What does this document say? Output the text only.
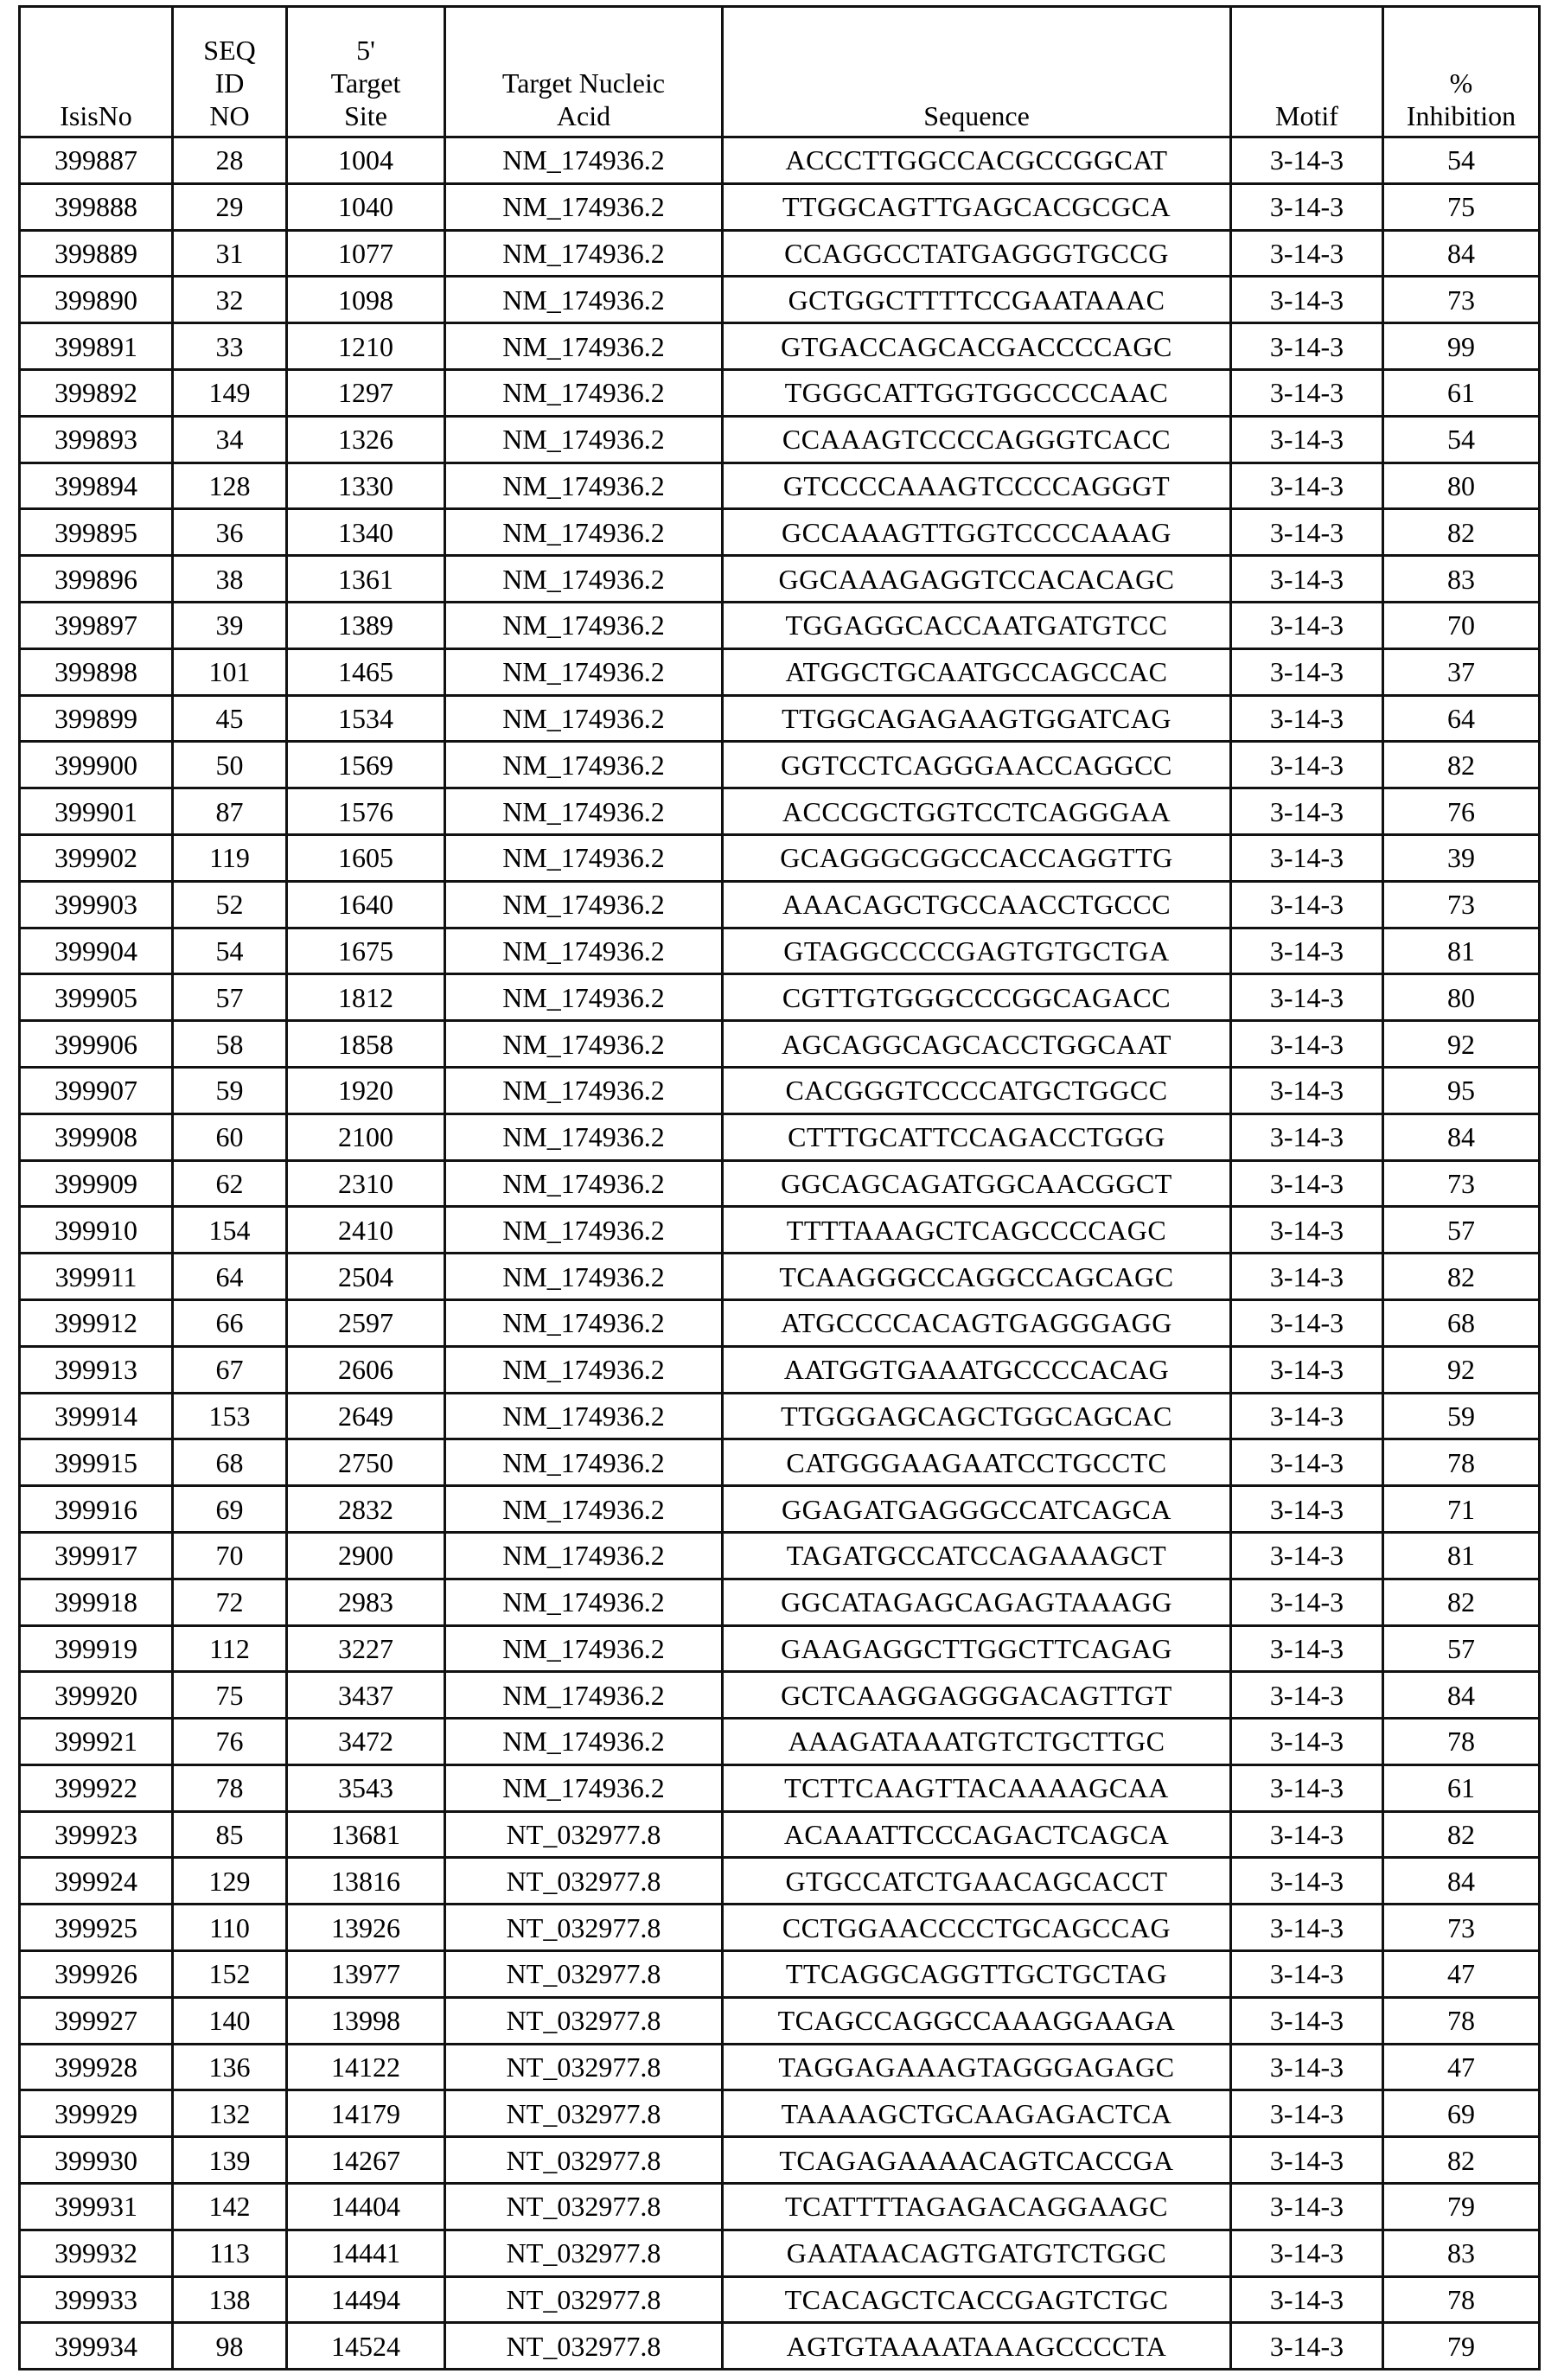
IsisNo	SEQ
ID
NO	5'
Target
Site	Target Nucleic
Acid	Sequence	Motif	%
Inhibition
399887	28	1004	NM_174936.2	ACCCTTGGCCACGCCGGCAT	3-14-3	54
399888	29	1040	NM_174936.2	TTGGCAGTTGAGCACGCGCA	3-14-3	75
399889	31	1077	NM_174936.2	CCAGGCCTATGAGGGTGCCG	3-14-3	84
399890	32	1098	NM_174936.2	GCTGGCTTTTCCGAATAAAC	3-14-3	73
399891	33	1210	NM_174936.2	GTGACCAGCACGACCCCAGC	3-14-3	99
399892	149	1297	NM_174936.2	TGGGCATTGGTGGCCCCAAC	3-14-3	61
399893	34	1326	NM_174936.2	CCAAAGTCCCCAGGGTCACC	3-14-3	54
399894	128	1330	NM_174936.2	GTCCCCAAAGTCCCCAGGGT	3-14-3	80
399895	36	1340	NM_174936.2	GCCAAAGTTGGTCCCCAAAG	3-14-3	82
399896	38	1361	NM_174936.2	GGCAAAGAGGTCCACACAGC	3-14-3	83
399897	39	1389	NM_174936.2	TGGAGGCACCAATGATGTCC	3-14-3	70
399898	101	1465	NM_174936.2	ATGGCTGCAATGCCAGCCAC	3-14-3	37
399899	45	1534	NM_174936.2	TTGGCAGAGAAGTGGATCAG	3-14-3	64
399900	50	1569	NM_174936.2	GGTCCTCAGGGAACCAGGCC	3-14-3	82
399901	87	1576	NM_174936.2	ACCCGCTGGTCCTCAGGGAA	3-14-3	76
399902	119	1605	NM_174936.2	GCAGGGCGGCCACCAGGTTG	3-14-3	39
399903	52	1640	NM_174936.2	AAACAGCTGCCAACCTGCCC	3-14-3	73
399904	54	1675	NM_174936.2	GTAGGCCCCGAGTGTGCTGA	3-14-3	81
399905	57	1812	NM_174936.2	CGTTGTGGGCCCGGCAGACC	3-14-3	80
399906	58	1858	NM_174936.2	AGCAGGCAGCACCTGGCAAT	3-14-3	92
399907	59	1920	NM_174936.2	CACGGGTCCCCATGCTGGCC	3-14-3	95
399908	60	2100	NM_174936.2	CTTTGCATTCCAGACCTGGG	3-14-3	84
399909	62	2310	NM_174936.2	GGCAGCAGATGGCAACGGCT	3-14-3	73
399910	154	2410	NM_174936.2	TTTTAAAGCTCAGCCCCAGC	3-14-3	57
399911	64	2504	NM_174936.2	TCAAGGGCCAGGCCAGCAGC	3-14-3	82
399912	66	2597	NM_174936.2	ATGCCCCACAGTGAGGGAGG	3-14-3	68
399913	67	2606	NM_174936.2	AATGGTGAAATGCCCCACAG	3-14-3	92
399914	153	2649	NM_174936.2	TTGGGAGCAGCTGGCAGCAC	3-14-3	59
399915	68	2750	NM_174936.2	CATGGGAAGAATCCTGCCTC	3-14-3	78
399916	69	2832	NM_174936.2	GGAGATGAGGGCCATCAGCA	3-14-3	71
399917	70	2900	NM_174936.2	TAGATGCCATCCAGAAAGCT	3-14-3	81
399918	72	2983	NM_174936.2	GGCATAGAGCAGAGTAAAGG	3-14-3	82
399919	112	3227	NM_174936.2	GAAGAGGCTTGGCTTCAGAG	3-14-3	57
399920	75	3437	NM_174936.2	GCTCAAGGAGGGACAGTTGT	3-14-3	84
399921	76	3472	NM_174936.2	AAAGATAAATGTCTGCTTGC	3-14-3	78
399922	78	3543	NM_174936.2	TCTTCAAGTTACAAAAGCAA	3-14-3	61
399923	85	13681	NT_032977.8	ACAAATTCCCAGACTCAGCA	3-14-3	82
399924	129	13816	NT_032977.8	GTGCCATCTGAACAGCACCT	3-14-3	84
399925	110	13926	NT_032977.8	CCTGGAACCCCTGCAGCCAG	3-14-3	73
399926	152	13977	NT_032977.8	TTCAGGCAGGTTGCTGCTAG	3-14-3	47
399927	140	13998	NT_032977.8	TCAGCCAGGCCAAAGGAAGA	3-14-3	78
399928	136	14122	NT_032977.8	TAGGAGAAAGTAGGGAGAGC	3-14-3	47
399929	132	14179	NT_032977.8	TAAAAGCTGCAAGAGACTCA	3-14-3	69
399930	139	14267	NT_032977.8	TCAGAGAAAACAGTCACCGA	3-14-3	82
399931	142	14404	NT_032977.8	TCATTTTAGAGACAGGAAGC	3-14-3	79
399932	113	14441	NT_032977.8	GAATAACAGTGATGTCTGGC	3-14-3	83
399933	138	14494	NT_032977.8	TCACAGCTCACCGAGTCTGC	3-14-3	78
399934	98	14524	NT_032977.8	AGTGTAAAATAAAGCCCCTA	3-14-3	79
